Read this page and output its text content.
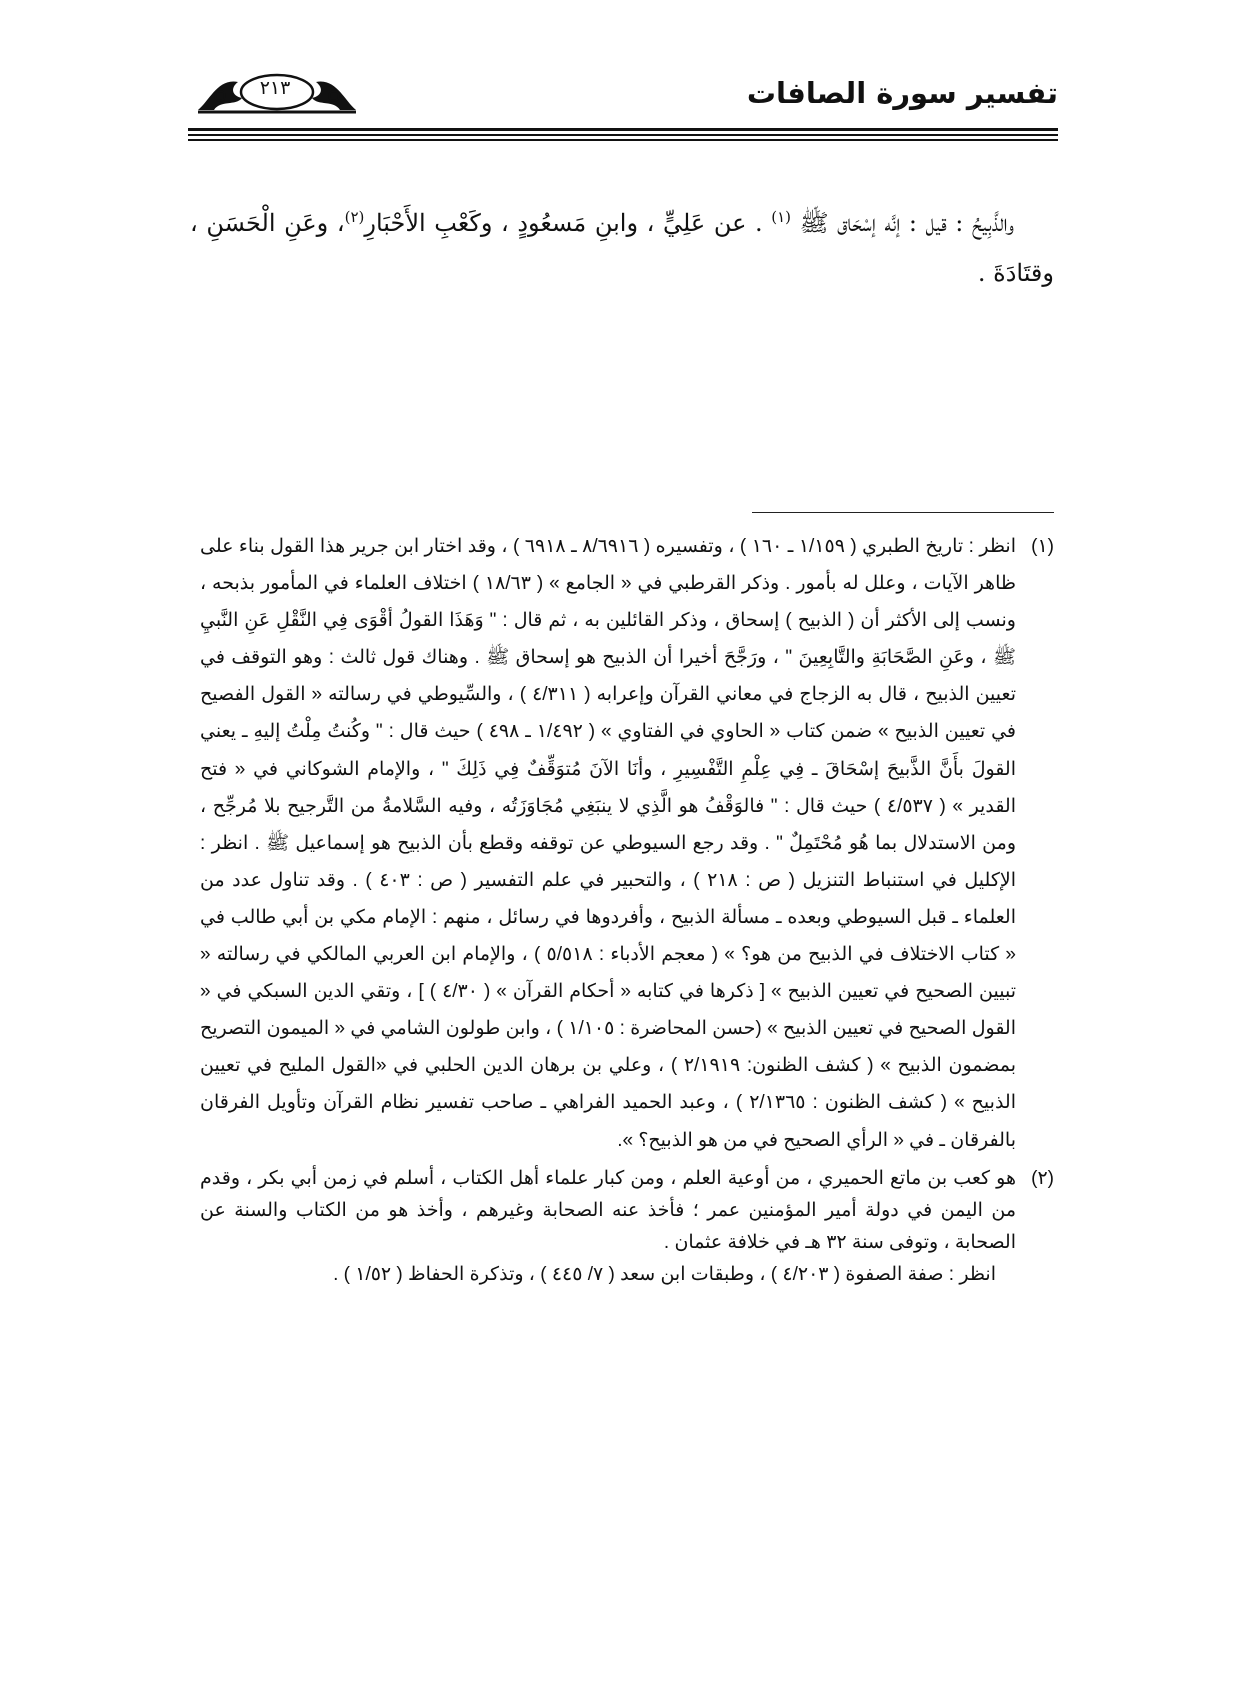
تفسير سورة الصافات
٢١٣

والذَّبِيحُ : قيل : إنَّه إسْحَاق ﷺ $^{(١)}$ . عن عَلِيٍّ ، وابنِ مَسعُودٍ ، وكَعْبِ الأَحْبَارِ$^{(٢)}$، وعَنِ الْحَسَنِ ، وقتَادَةَ .

(١)
انظر : تاريخ الطبري ( ١/١٥٩ ـ ١٦٠ ) ، وتفسيره ( ٨/٦٩١٦ ـ ٦٩١٨ ) ، وقد اختار ابن جرير هذا القول بناء على ظاهر الآيات ، وعلل له بأمور . وذكر القرطبي في « الجامع » ( ١٨/٦٣ ) اختلاف العلماء في المأمور بذبحه ، ونسب إلى الأكثر أن ( الذبيح ) إسحاق ، وذكر القائلين به ، ثم قال : " وَهَذَا القولُ أقْوَى فِي النَّقْلِ عَنِ النَّبيِ ﷺ ، وعَنِ الصَّحَابَةِ والتَّابِعِينَ " ، ورَجَّحَ أخيرا أن الذبيح هو إسحاق ﷺ . وهناك قول ثالث : وهو التوقف في تعيين الذبيح ، قال به الزجاج في معاني القرآن وإعرابه ( ٤/٣١١ ) ، والسِّيوطي في رسالته « القول الفصيح في تعيين الذبيح » ضمن كتاب « الحاوي في الفتاوي » ( ١/٤٩٢ ـ ٤٩٨ ) حيث قال : " وكُنتُ مِلْتُ إليهِ ـ يعني القولَ بأَنَّ الذَّبيحَ إسْحَاقَ ـ فِي عِلْمِ التَّفْسِيرِ ، وأنَا الآنَ مُتوَقِّفٌ فِي ذَلِكَ " ، والإمام الشوكاني في « فتح القدير » ( ٤/٥٣٧ ) حيث قال : " فالوَقْفُ هو الَّذِي لا ينبَغِي مُجَاوَزَتُه ، وفيه السَّلامةُ من التَّرجيح بلا مُرجِّح ، ومن الاستدلال بما هُو مُحْتَمِلٌ " . وقد رجع السيوطي عن توقفه وقطع بأن الذبيح هو إسماعيل ﷺ . انظر : الإكليل في استنباط التنزيل ( ص : ٢١٨ ) ، والتحبير في علم التفسير ( ص : ٤٠٣ ) . وقد تناول عدد من العلماء ـ قبل السيوطي وبعده ـ مسألة الذبيح ، وأفردوها في رسائل ، منهم : الإمام مكي بن أبي طالب في « كتاب الاختلاف في الذبيح من هو؟ » ( معجم الأدباء : ٥/٥١٨ ) ، والإمام ابن العربي المالكي في رسالته « تبيين الصحيح في تعيين الذبيح » [ ذكرها في كتابه « أحكام القرآن » ( ٤/٣٠ ) ] ، وتقي الدين السبكي في « القول الصحيح في تعيين الذبيح » (حسن المحاضرة : ١/١٠٥ ) ، وابن طولون الشامي في « الميمون التصريح بمضمون الذبيح » ( كشف الظنون: ٢/١٩١٩ ) ، وعلي بن برهان الدين الحلبي في «القول المليح في تعيين الذبيح » ( كشف الظنون : ٢/١٣٦٥ ) ، وعبد الحميد الفراهي ـ صاحب تفسير نظام القرآن وتأويل الفرقان بالفرقان ـ في « الرأي الصحيح في من هو الذبيح؟ ».

(٢)
هو كعب بن ماتع الحميري ، من أوعية العلم ، ومن كبار علماء أهل الكتاب ، أسلم في زمن أبي بكر ، وقدم من اليمن في دولة أمير المؤمنين عمر ؛ فأخذ عنه الصحابة وغيرهم ، وأخذ هو من الكتاب والسنة عن الصحابة ، وتوفى سنة ٣٢ هـ في خلافة عثمان .

انظر : صفة الصفوة ( ٤/٢٠٣ ) ، وطبقات ابن سعد ( ٧/ ٤٤٥ ) ، وتذكرة الحفاظ ( ١/٥٢ ) .
